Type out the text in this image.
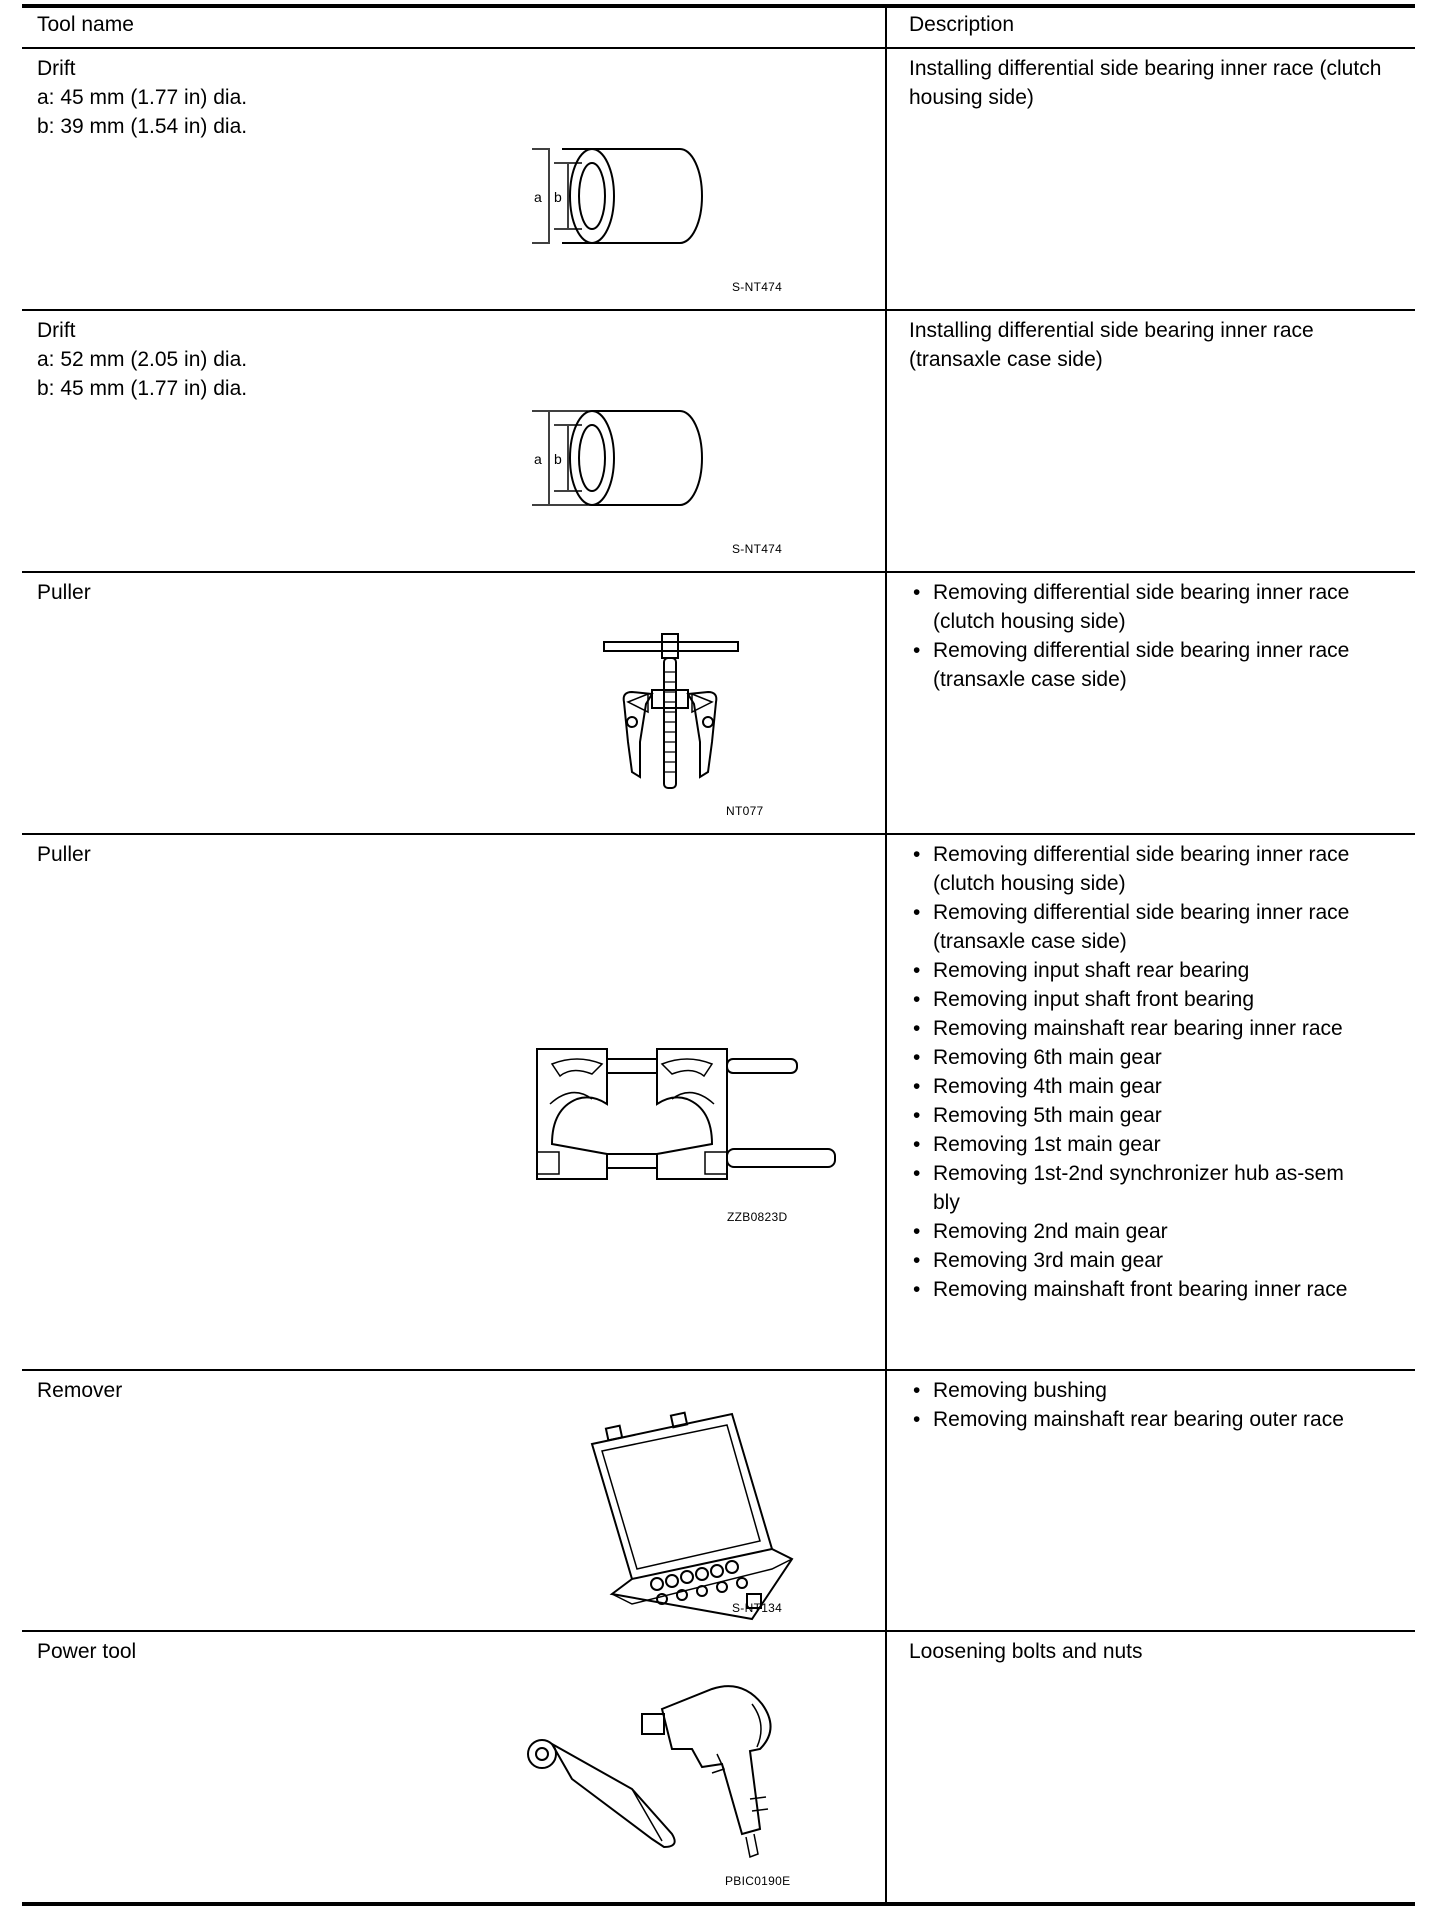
Tool name	Description
Drift
a: 45 mm (1.77 in) dia.
b: 39 mm (1.54 in) dia.
a b
S-NT474
Installing differential side bearing inner race (clutch housing side)
Drift
a: 52 mm (2.05 in) dia.
b: 45 mm (1.77 in) dia.
a b
S-NT474
Installing differential side bearing inner race (transaxle case side)
Puller
NT077
• Removing differential side bearing inner race (clutch housing side)
• Removing differential side bearing inner race (transaxle case side)
Puller
ZZB0823D
• Removing differential side bearing inner race (clutch housing side)
• Removing differential side bearing inner race (transaxle case side)
• Removing input shaft rear bearing
• Removing input shaft front bearing
• Removing mainshaft rear bearing inner race
• Removing 6th main gear
• Removing 4th main gear
• Removing 5th main gear
• Removing 1st main gear
• Removing 1st-2nd synchronizer hub as-sembly
• Removing 2nd main gear
• Removing 3rd main gear
• Removing mainshaft front bearing inner race
Remover
S-NT134
• Removing bushing
• Removing mainshaft rear bearing outer race
Power tool
PBIC0190E
Loosening bolts and nuts
